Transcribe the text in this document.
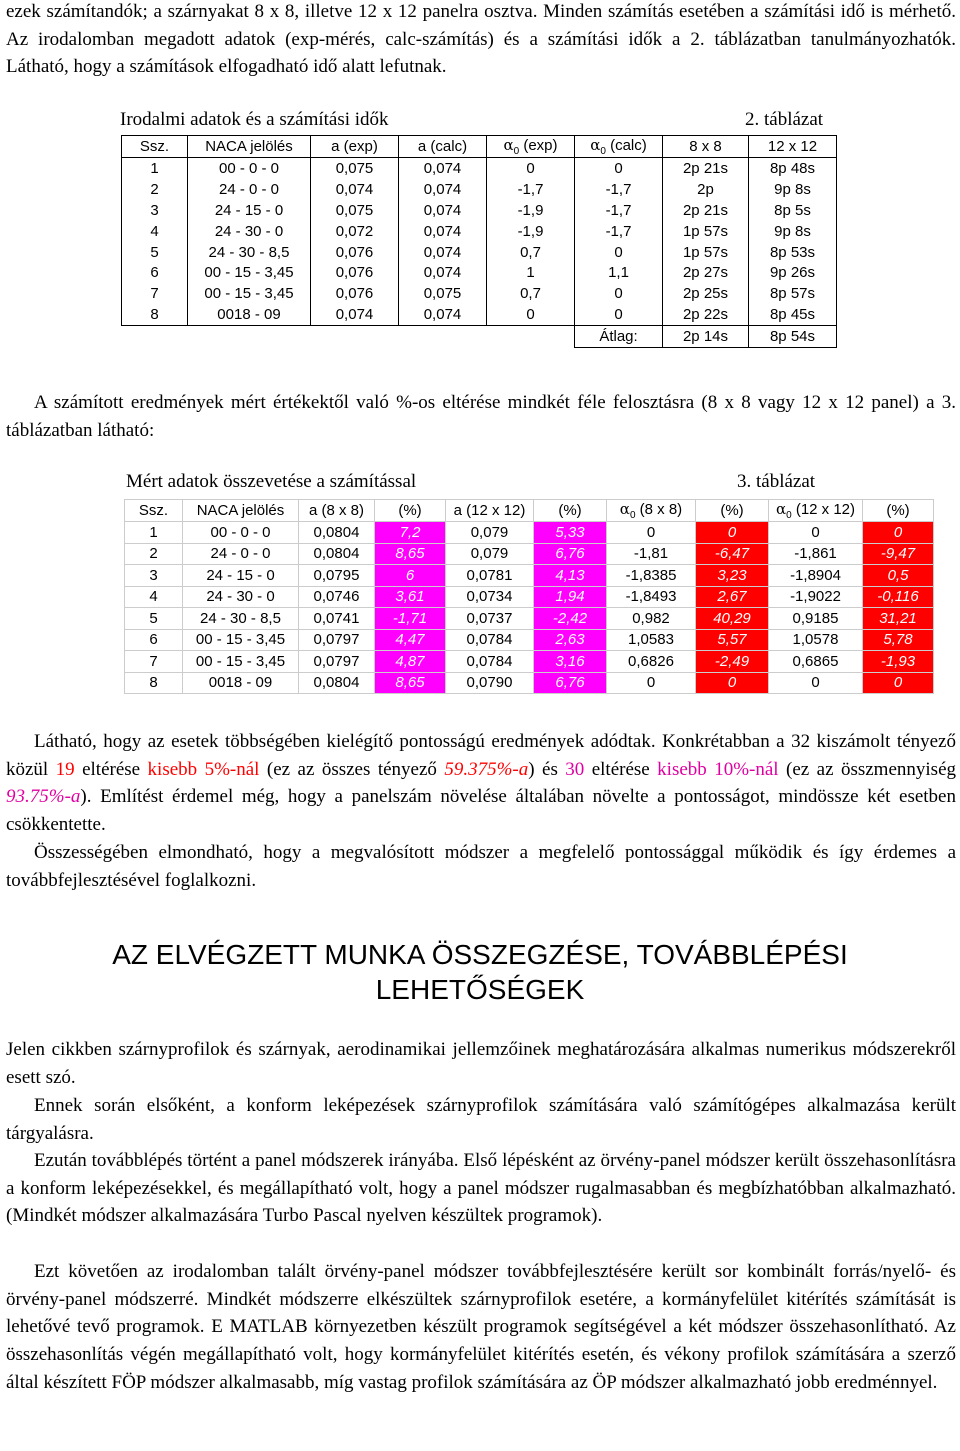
ezek számítandók; a szárnyakat 8 x 8, illetve 12 x 12 panelra osztva. Minden számítás esetében a számítási idő is mérhető. Az irodalomban megadott adatok (exp-mérés, calc-számítás) és a számítási idők a 2. táblázatban tanulmányozhatók. Látható, hogy a számítások elfogadható idő alatt lefutnak.

Irodalmi adatok és a számítási idők	2. táblázat
Ssz.	NACA jelölés	a (exp)	a (calc)	$\alpha_0$ (exp)	$\alpha_0$ (calc)	8 x 8	12 x 12
1	00 - 0 - 0	0,075	0,074	0	0	2p 21s	8p 48s
2	24 - 0 - 0	0,074	0,074	-1,7	-1,7	2p	9p 8s
3	24 - 15 - 0	0,075	0,074	-1,9	-1,7	2p 21s	8p 5s
4	24 - 30 - 0	0,072	0,074	-1,9	-1,7	1p 57s	9p 8s
5	24 - 30 - 8,5	0,076	0,074	0,7	0	1p 57s	8p 53s
6	00 - 15 - 3,45	0,076	0,074	1	1,1	2p 27s	9p 26s
7	00 - 15 - 3,45	0,076	0,075	0,7	0	2p 25s	8p 57s
8	0018 - 09	0,074	0,074	0	0	2p 22s	8p 45s
					Átlag:	2p 14s	8p 54s

A számított eredmények mért értékektől való %-os eltérése mindkét féle felosztásra (8 x 8 vagy 12 x 12 panel) a 3. táblázatban látható:

Mért adatok összevetése a számítással	3. táblázat
Ssz.	NACA jelölés	a (8 x 8)	(%)	a (12 x 12)	(%)	$\alpha_0$ (8 x 8)	(%)	$\alpha_0$ (12 x 12)	(%)
1	00 - 0 - 0	0,0804	7,2	0,079	5,33	0	0	0	0
2	24 - 0 - 0	0,0804	8,65	0,079	6,76	-1,81	-6,47	-1,861	-9,47
3	24 - 15 - 0	0,0795	6	0,0781	4,13	-1,8385	3,23	-1,8904	0,5
4	24 - 30 - 0	0,0746	3,61	0,0734	1,94	-1,8493	2,67	-1,9022	-0,116
5	24 - 30 - 8,5	0,0741	-1,71	0,0737	-2,42	0,982	40,29	0,9185	31,21
6	00 - 15 - 3,45	0,0797	4,47	0,0784	2,63	1,0583	5,57	1,0578	5,78
7	00 - 15 - 3,45	0,0797	4,87	0,0784	3,16	0,6826	-2,49	0,6865	-1,93
8	0018 - 09	0,0804	8,65	0,0790	6,76	0	0	0	0

Látható, hogy az esetek többségében kielégítő pontosságú eredmények adódtak. Konkrétabban a 32 kiszámolt tényező közül 19 eltérése kisebb 5%-nál (ez az összes tényező 59.375%-a) és 30 eltérése kisebb 10%-nál (ez az összmennyiség 93.75%-a). Említést érdemel még, hogy a panelszám növelése általában növelte a pontosságot, mindössze két esetben csökkentette.

Összességében elmondható, hogy a megvalósított módszer a megfelelő pontossággal működik és így érdemes a továbbfejlesztésével foglalkozni.

AZ ELVÉGZETT MUNKA ÖSSZEGZÉSE, TOVÁBBLÉPÉSI
LEHETŐSÉGEK

Jelen cikkben szárnyprofilok és szárnyak, aerodinamikai jellemzőinek meghatározására alkalmas numerikus módszerekről esett szó.

Ennek során elsőként, a konform leképezések szárnyprofilok számítására való számítógépes alkalmazása került tárgyalásra.

Ezután továbblépés történt a panel módszerek irányába. Első lépésként az örvény-panel módszer került összehasonlításra a konform leképezésekkel, és megállapítható volt, hogy a panel módszer rugalmasabban és megbízhatóbban alkalmazható. (Mindkét módszer alkalmazására Turbo Pascal nyelven készültek programok).

Ezt követően az irodalomban talált örvény-panel módszer továbbfejlesztésére került sor kombinált forrás/nyelő- és örvény-panel módszerré. Mindkét módszerre elkészültek szárnyprofilok esetére, a kormányfelület kitérítés számítását is lehetővé tevő programok. E MATLAB környezetben készült programok segítségével a két módszer összehasonlítható. Az összehasonlítás végén megállapítható volt, hogy kormányfelület kitérítés esetén, és vékony profilok számítására a szerző által készített FÖP módszer alkalmasabb, míg vastag profilok számítására az ÖP módszer alkalmazható jobb eredménnyel.
